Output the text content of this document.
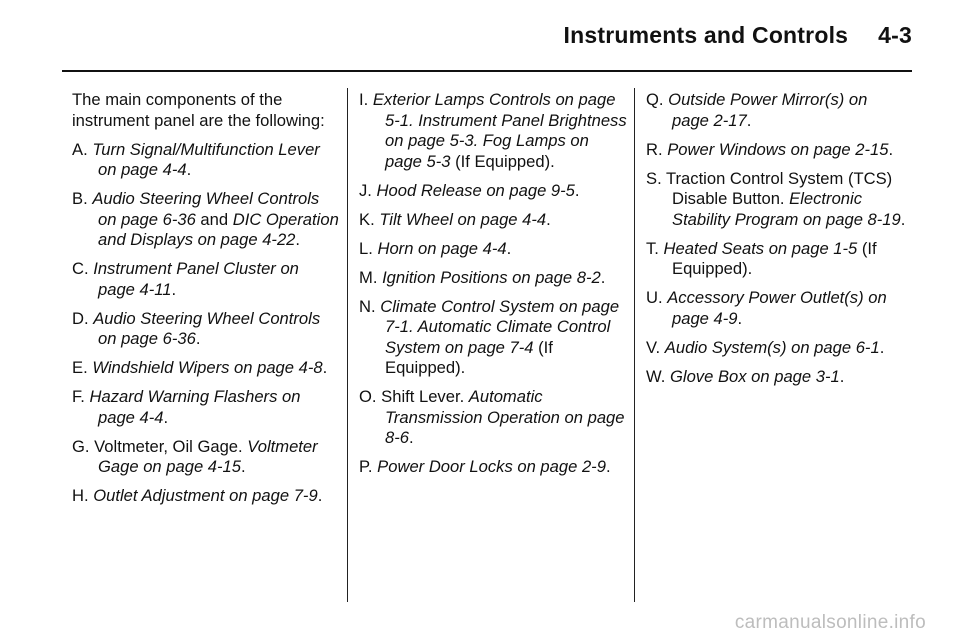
Instruments and Controls 4-3

The main components of the instrument panel are the following:

A. Turn Signal/Multifunction Lever on page 4-4.

B. Audio Steering Wheel Controls on page 6-36 and DIC Operation and Displays on page 4-22.

C. Instrument Panel Cluster on page 4-11.

D. Audio Steering Wheel Controls on page 6-36.

E. Windshield Wipers on page 4-8.

F. Hazard Warning Flashers on page 4-4.

G. Voltmeter, Oil Gage. Voltmeter Gage on page 4-15.

H. Outlet Adjustment on page 7-9.

I. Exterior Lamps Controls on page 5-1. Instrument Panel Brightness on page 5-3. Fog Lamps on page 5-3 (If Equipped).

J. Hood Release on page 9-5.

K. Tilt Wheel on page 4-4.

L. Horn on page 4-4.

M. Ignition Positions on page 8-2.

N. Climate Control System on page 7-1. Automatic Climate Control System on page 7-4 (If Equipped).

O. Shift Lever. Automatic Transmission Operation on page 8-6.

P. Power Door Locks on page 2-9.

Q. Outside Power Mirror(s) on page 2-17.

R. Power Windows on page 2-15.

S. Traction Control System (TCS) Disable Button. Electronic Stability Program on page 8-19.

T. Heated Seats on page 1-5 (If Equipped).

U. Accessory Power Outlet(s) on page 4-9.

V. Audio System(s) on page 6-1.

W. Glove Box on page 3-1.

carmanualsonline.info
